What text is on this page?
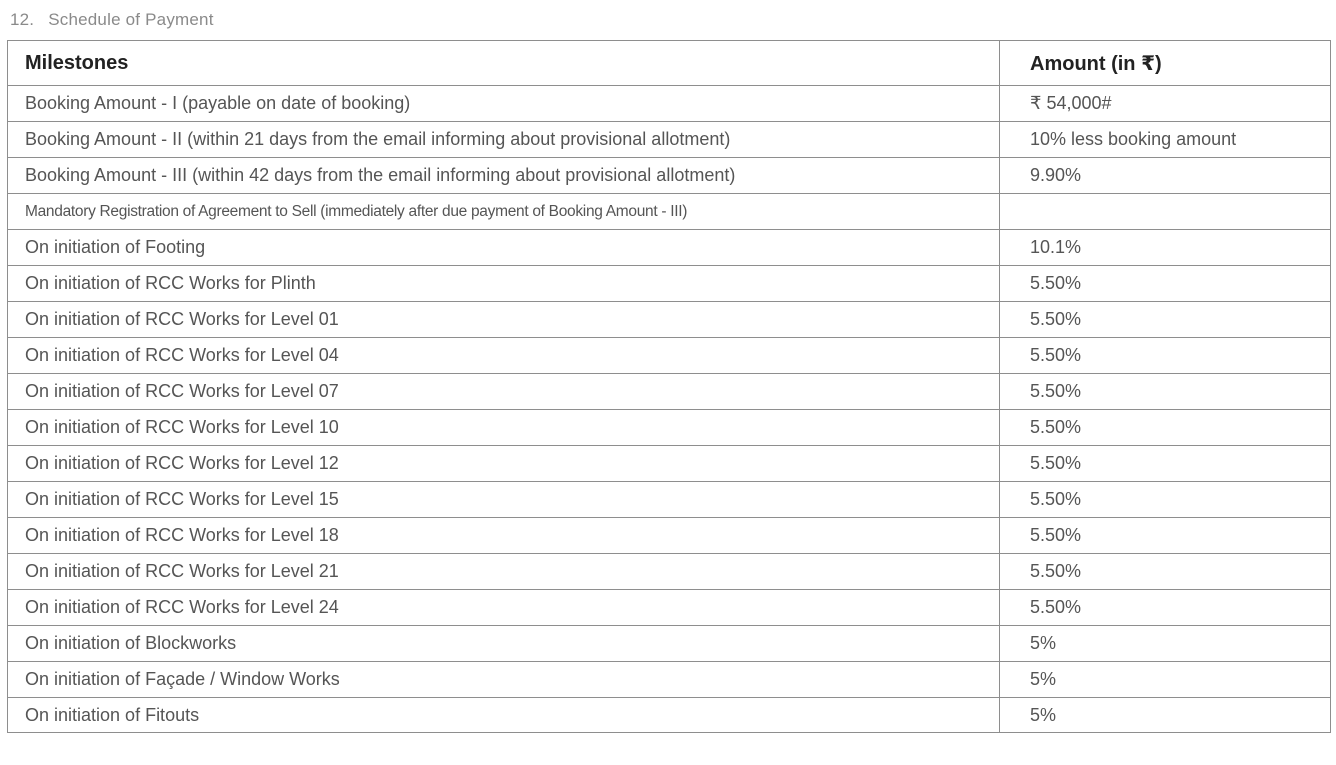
12. Schedule of Payment
Milestones	Amount (in ₹)
Booking Amount - I (payable on date of booking)	₹ 54,000#
Booking Amount - II (within 21 days from the email informing about provisional allotment)	10% less booking amount
Booking Amount - III (within 42 days from the email informing about provisional allotment)	9.90%
Mandatory Registration of Agreement to Sell (immediately after due payment of Booking Amount - III)	
On initiation of Footing	10.1%
On initiation of RCC Works for Plinth	5.50%
On initiation of RCC Works for Level 01	5.50%
On initiation of RCC Works for Level 04	5.50%
On initiation of RCC Works for Level 07	5.50%
On initiation of RCC Works for Level 10	5.50%
On initiation of RCC Works for Level 12	5.50%
On initiation of RCC Works for Level 15	5.50%
On initiation of RCC Works for Level 18	5.50%
On initiation of RCC Works for Level 21	5.50%
On initiation of RCC Works for Level 24	5.50%
On initiation of Blockworks	5%
On initiation of Façade / Window Works	5%
On initiation of Fitouts	5%
